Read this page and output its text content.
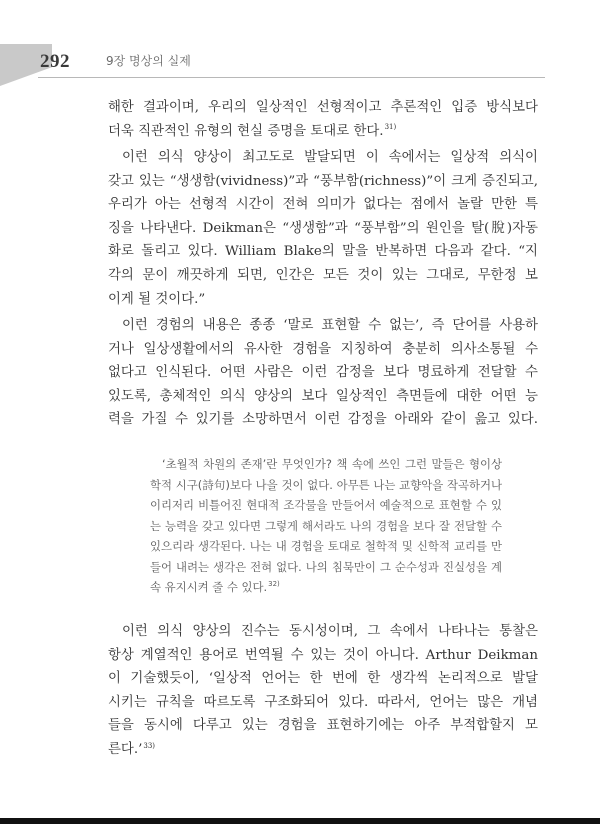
292	9장 명상의 실제
해한 결과이며, 우리의 일상적인 선형적이고 추론적인 입증 방식보다
더욱 직관적인 유형의 현실 증명을 토대로 한다.$^{31)}$
이런 의식 양상이 최고도로 발달되면 이 속에서는 일상적 의식이
갖고 있는 “생생함(vividness)”과 “풍부함(richness)”이 크게 증진되고,
우리가 아는 선형적 시간이 전혀 의미가 없다는 점에서 놀랄 만한 특
징을 나타낸다. Deikman은 “생생함”과 “풍부함”의 원인을 탈(脫)자동
화로 돌리고 있다. William Blake의 말을 반복하면 다음과 같다. “지
각의 문이 깨끗하게 되면, 인간은 모든 것이 있는 그대로, 무한정 보
이게 될 것이다.”
이런 경험의 내용은 종종 ‘말로 표현할 수 없는’, 즉 단어를 사용하
거나 일상생활에서의 유사한 경험을 지칭하여 충분히 의사소통될 수
없다고 인식된다. 어떤 사람은 이런 감정을 보다 명료하게 전달할 수
있도록, 총체적인 의식 양상의 보다 일상적인 측면들에 대한 어떤 능
력을 가질 수 있기를 소망하면서 이런 감정을 아래와 같이 읊고 있다.
‘초월적 차원의 존재’란 무엇인가? 책 속에 쓰인 그런 말들은 형이상
학적 시구(詩句)보다 나을 것이 없다. 아무튼 나는 교향악을 작곡하거나
이리저리 비틀어진 현대적 조각물을 만들어서 예술적으로 표현할 수 있
는 능력을 갖고 있다면 그렇게 해서라도 나의 경험을 보다 잘 전달할 수
있으리라 생각된다. 나는 내 경험을 토대로 철학적 및 신학적 교리를 만
들어 내려는 생각은 전혀 없다. 나의 침묵만이 그 순수성과 진실성을 계
속 유지시켜 줄 수 있다.$^{32)}$
이런 의식 양상의 진수는 동시성이며, 그 속에서 나타나는 통찰은
항상 계열적인 용어로 번역될 수 있는 것이 아니다. Arthur Deikman
이 기술했듯이, ‘일상적 언어는 한 번에 한 생각씩 논리적으로 발달
시키는 규칙을 따르도록 구조화되어 있다. 따라서, 언어는 많은 개념
들을 동시에 다루고 있는 경험을 표현하기에는 아주 부적합할지 모
른다.’$^{33)}$
